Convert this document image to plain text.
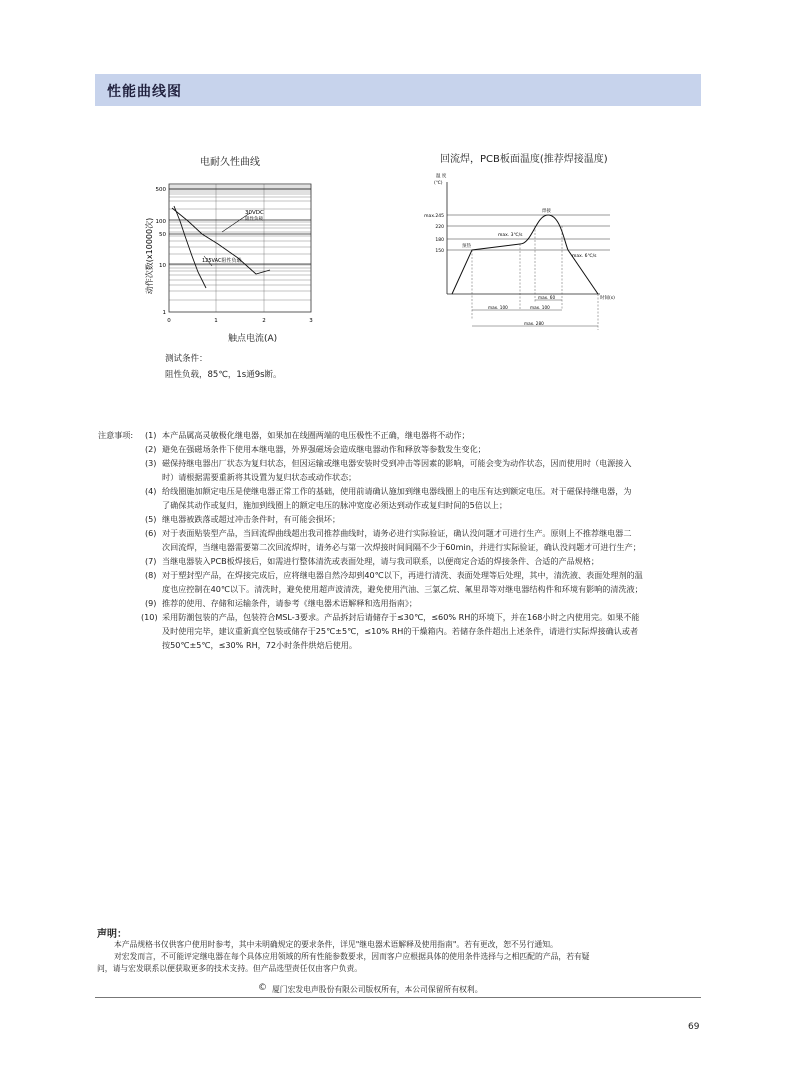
性能曲线图
电耐久性曲线
动作次数(x10000次)
30VDC
阻性负载
125VAC阻性负载
500
100
50
10
1
0	1	2	3
触点电流(A)
测试条件：
阻性负载，85℃，1s通9s断。
回流焊，PCB板面温度(推荐焊接温度)
温 度
(℃)
max.245
220
180
150
焊接
预热
max. 3℃/s
max. 6℃/s
时间(s)
max. 60
max. 100	max. 100
max. 280
注意事项: (1) 本产品属高灵敏极化继电器，如果加在线圈两端的电压极性不正确，继电器将不动作；
(2) 避免在强磁场条件下使用本继电器，外界强磁场会造成继电器动作和释放等参数发生变化；
(3) 磁保持继电器出厂状态为复归状态，但因运输或继电器安装时受到冲击等因素的影响，可能会变为动作状态，因而使用时（电源接入
时）请根据需要重新将其设置为复归状态或动作状态；
(4) 给线圈施加额定电压是使继电器正常工作的基础，使用前请确认施加到继电器线圈上的电压有达到额定电压。对于磁保持继电器，为
了确保其动作或复归，施加到线圈上的额定电压的脉冲宽度必须达到动作或复归时间的5倍以上；
(5) 继电器被跌落或超过冲击条件时，有可能会损坏；
(6) 对于表面贴装型产品，当回流焊曲线超出我司推荐曲线时，请务必进行实际验证，确认没问题才可进行生产。原则上不推荐继电器二
次回流焊，当继电器需要第二次回流焊时，请务必与第一次焊接时间间隔不少于60min，并进行实际验证，确认没问题才可进行生产；
(7) 当继电器装入PCB板焊接后，如需进行整体清洗或表面处理，请与我司联系，以便商定合适的焊接条件、合适的产品规格；
(8) 对于塑封型产品，在焊接完成后，应将继电器自然冷却到40℃以下，再进行清洗、表面处理等后处理，其中，清洗液、表面处理剂的温
度也应控制在40℃以下。清洗时，避免使用超声波清洗，避免使用汽油、三氯乙烷、氟里昂等对继电器结构件和环境有影响的清洗液；
(9) 推荐的使用、存储和运输条件，请参考《继电器术语解释和选用指南》；
(10) 采用防潮包装的产品，包装符合MSL-3要求。产品拆封后请储存于≤30℃，≤60% RH的环境下，并在168小时之内使用完。如果不能
及时使用完毕，建议重新真空包装或储存于25℃±5℃，≤10% RH的干燥箱内。若储存条件超出上述条件，请进行实际焊接确认或者
按50℃±5℃，≤30% RH，72小时条件烘焙后使用。
声明：
本产品规格书仅供客户使用时参考，其中未明确规定的要求条件，详见"继电器术语解释及使用指南"。若有更改，恕不另行通知。
对宏发而言，不可能评定继电器在每个具体应用领域的所有性能参数要求，因而客户应根据具体的使用条件选择与之相匹配的产品，若有疑
问，请与宏发联系以便获取更多的技术支持。但产品选型责任仅由客户负责。
© 厦门宏发电声股份有限公司版权所有，本公司保留所有权利。
69
